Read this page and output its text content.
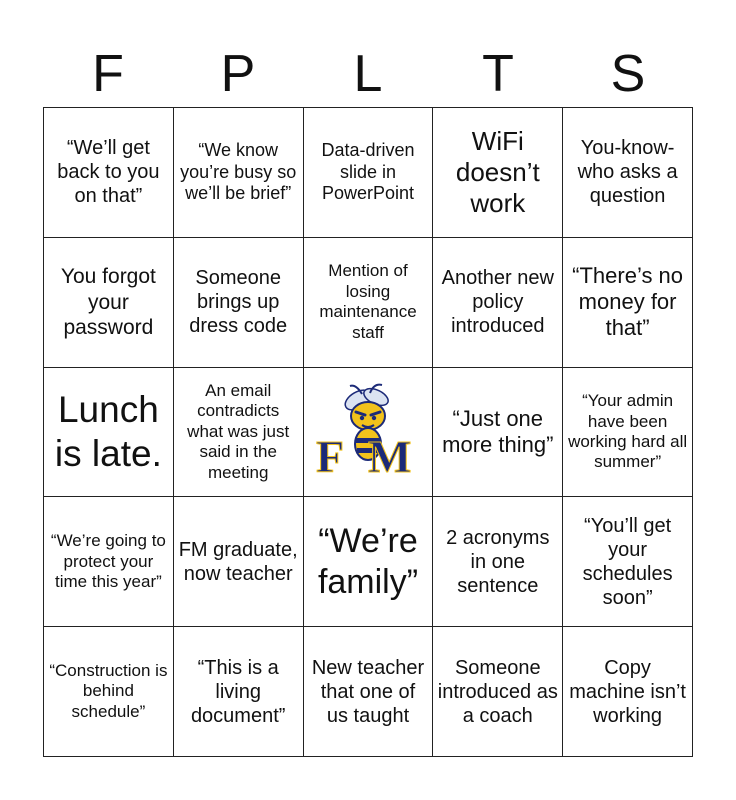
F	P	L	T	S
“We’ll get back to you on that”	“We know you’re busy so we’ll be brief”	Data-driven slide in PowerPoint	WiFi doesn’t work	You-know-who asks a question
You forgot your password	Someone brings up dress code	Mention of losing maintenance staff	Another new policy introduced	“There’s no money for that”
Lunch is late.	An email contradicts what was just said in the meeting	F M	“Just one more thing”	“Your admin have been working hard all summer”
“We’re going to protect your time this year”	FM graduate, now teacher	“We’re family”	2 acronyms in one sentence	“You’ll get your schedules soon”
“Construction is behind schedule”	“This is a living document”	New teacher that one of us taught	Someone introduced as a coach	Copy machine isn’t working
